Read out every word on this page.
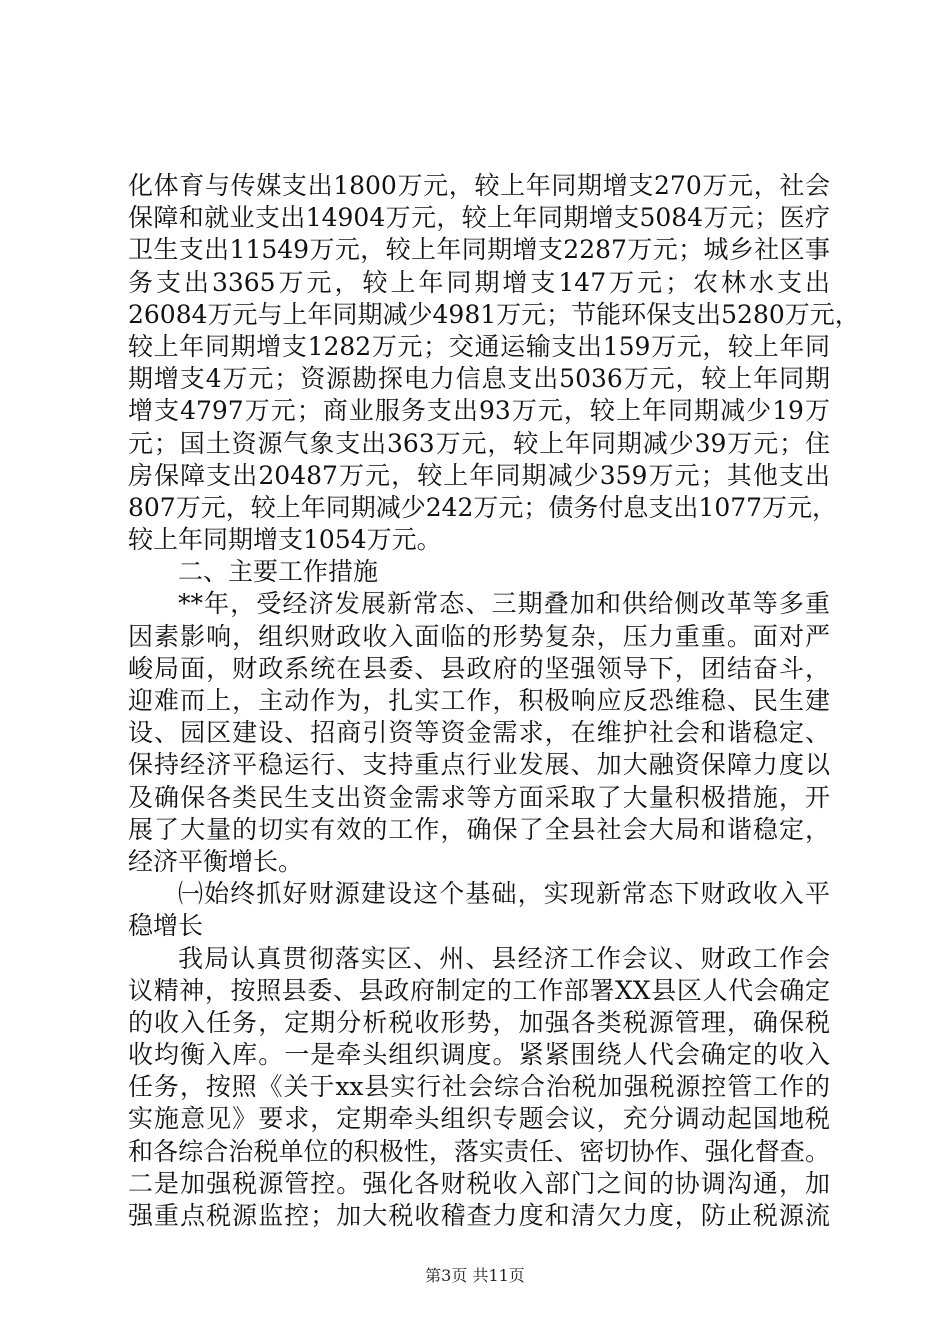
化体育与传媒支出1800万元，较上年同期增支270万元，社会
保障和就业支出14904万元，较上年同期增支5084万元；医疗
卫生支出11549万元，较上年同期增支2287万元；城乡社区事
务支出3365万元，较上年同期增支147万元；农林水支出
26084万元与上年同期减少4981万元；节能环保支出5280万元，
较上年同期增支1282万元；交通运输支出159万元，较上年同
期增支4万元；资源勘探电力信息支出5036万元，较上年同期
增支4797万元；商业服务支出93万元，较上年同期减少19万
元；国土资源气象支出363万元，较上年同期减少39万元；住
房保障支出20487万元，较上年同期减少359万元；其他支出
807万元，较上年同期减少242万元；债务付息支出1077万元，
较上年同期增支1054万元。
二、主要工作措施
**年，受经济发展新常态、三期叠加和供给侧改革等多重
因素影响，组织财政收入面临的形势复杂，压力重重。面对严
峻局面，财政系统在县委、县政府的坚强领导下，团结奋斗，
迎难而上，主动作为，扎实工作，积极响应反恐维稳、民生建
设、园区建设、招商引资等资金需求，在维护社会和谐稳定、
保持经济平稳运行、支持重点行业发展、加大融资保障力度以
及确保各类民生支出资金需求等方面采取了大量积极措施，开
展了大量的切实有效的工作，确保了全县社会大局和谐稳定，
经济平衡增长。
㈠始终抓好财源建设这个基础，实现新常态下财政收入平
稳增长
我局认真贯彻落实区、州、县经济工作会议、财政工作会
议精神，按照县委、县政府制定的工作部署XX县区人代会确定
的收入任务，定期分析税收形势，加强各类税源管理，确保税
收均衡入库。一是牵头组织调度。紧紧围绕人代会确定的收入
任务，按照《关于xx县实行社会综合治税加强税源控管工作的
实施意见》要求，定期牵头组织专题会议，充分调动起国地税
和各综合治税单位的积极性，落实责任、密切协作、强化督查。
二是加强税源管控。强化各财税收入部门之间的协调沟通，加
强重点税源监控；加大税收稽查力度和清欠力度，防止税源流
第3页 共11页
